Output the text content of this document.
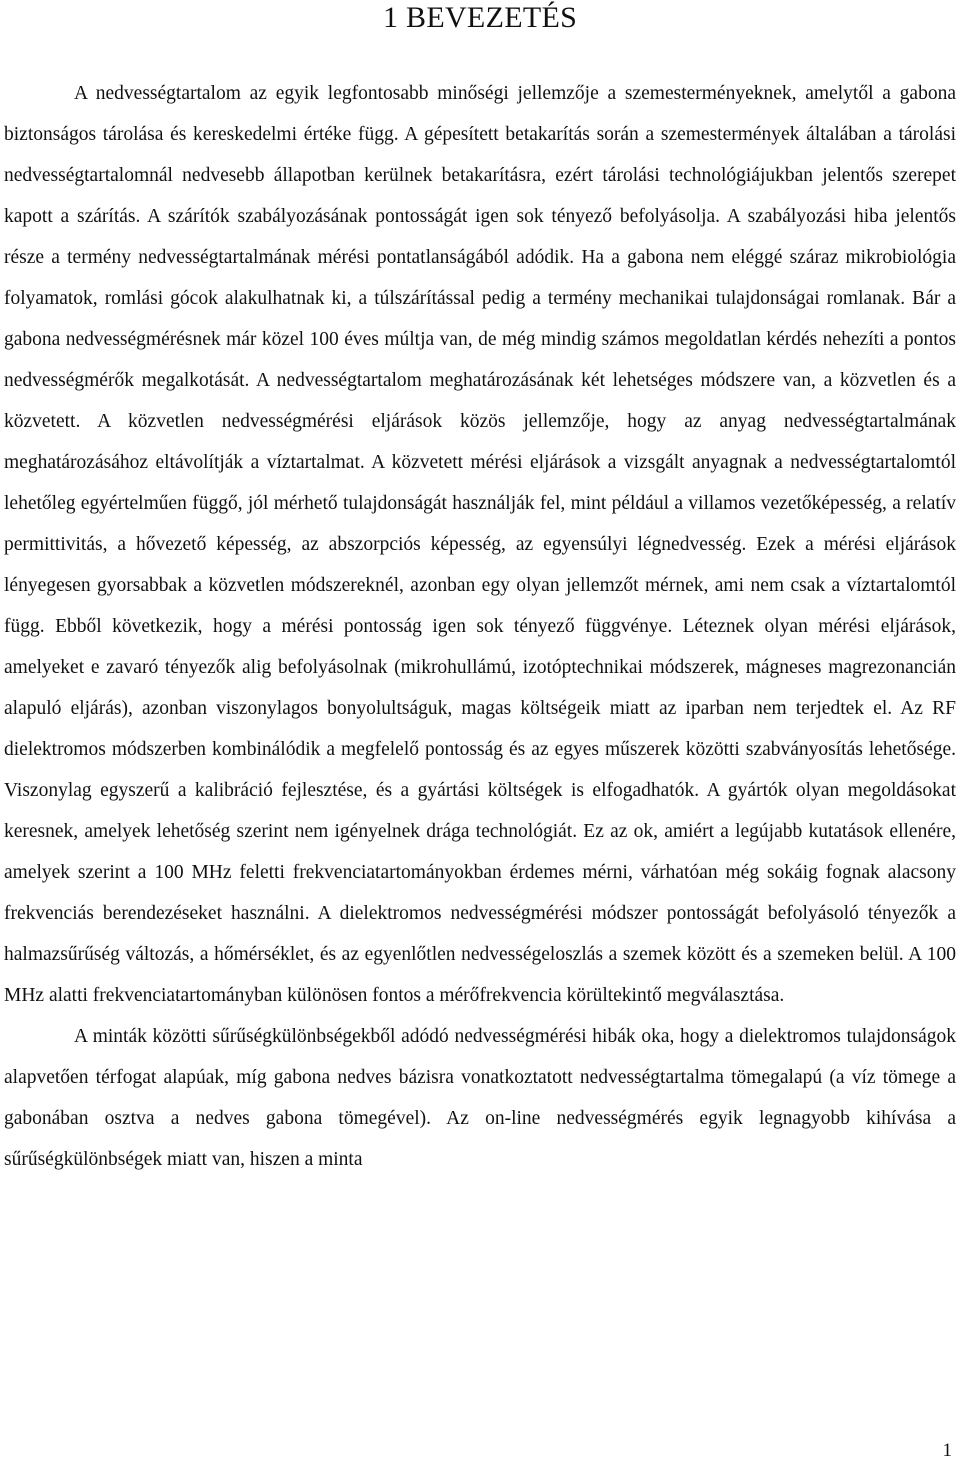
1 BEVEZETÉS

A nedvességtartalom az egyik legfontosabb minőségi jellemzője a szemesterményeknek, amelytől a gabona biztonságos tárolása és kereskedelmi értéke függ. A gépesített betakarítás során a szemestermények általában a tárolási nedvességtartalomnál nedvesebb állapotban kerülnek betakarításra, ezért tárolási technológiájukban jelentős szerepet kapott a szárítás. A szárítók szabályozásának pontosságát igen sok tényező befolyásolja. A szabályozási hiba jelentős része a termény nedvességtartalmának mérési pontatlanságából adódik. Ha a gabona nem eléggé száraz mikrobiológia folyamatok, romlási gócok alakulhatnak ki, a túlszárítással pedig a termény mechanikai tulajdonságai romlanak. Bár a gabona nedvességmérésnek már közel 100 éves múltja van, de még mindig számos megoldatlan kérdés nehezíti a pontos nedvességmérők megalkotását. A nedvességtartalom meghatározásának két lehetséges módszere van, a közvetlen és a közvetett. A közvetlen nedvességmérési eljárások közös jellemzője, hogy az anyag nedvességtartalmának meghatározásához eltávolítják a víztartalmat. A közvetett mérési eljárások a vizsgált anyagnak a nedvességtartalomtól lehetőleg egyértelműen függő, jól mérhető tulajdonságát használják fel, mint például a villamos vezetőképesség, a relatív permittivitás, a hővezető képesség, az abszorpciós képesség, az egyensúlyi légnedvesség. Ezek a mérési eljárások lényegesen gyorsabbak a közvetlen módszereknél, azonban egy olyan jellemzőt mérnek, ami nem csak a víztartalomtól függ. Ebből következik, hogy a mérési pontosság igen sok tényező függvénye. Léteznek olyan mérési eljárások, amelyeket e zavaró tényezők alig befolyásolnak (mikrohullámú, izotóptechnikai módszerek, mágneses magrezonancián alapuló eljárás), azonban viszonylagos bonyolultságuk, magas költségeik miatt az iparban nem terjedtek el. Az RF dielektromos módszerben kombinálódik a megfelelő pontosság és az egyes műszerek közötti szabványosítás lehetősége. Viszonylag egyszerű a kalibráció fejlesztése, és a gyártási költségek is elfogadhatók. A gyártók olyan megoldásokat keresnek, amelyek lehetőség szerint nem igényelnek drága technológiát. Ez az ok, amiért a legújabb kutatások ellenére, amelyek szerint a 100 MHz feletti frekvenciatartományokban érdemes mérni, várhatóan még sokáig fognak alacsony frekvenciás berendezéseket használni. A dielektromos nedvességmérési módszer pontosságát befolyásoló tényezők a halmazsűrűség változás, a hőmérséklet, és az egyenlőtlen nedvességeloszlás a szemek között és a szemeken belül. A 100 MHz alatti frekvenciatartományban különösen fontos a mérőfrekvencia körültekintő megválasztása.

A minták közötti sűrűségkülönbségekből adódó nedvességmérési hibák oka, hogy a dielektromos tulajdonságok alapvetően térfogat alapúak, míg gabona nedves bázisra vonatkoztatott nedvességtartalma tömegalapú (a víz tömege a gabonában osztva a nedves gabona tömegével). Az on-line nedvességmérés egyik legnagyobb kihívása a sűrűségkülönbségek miatt van, hiszen a minta

1
